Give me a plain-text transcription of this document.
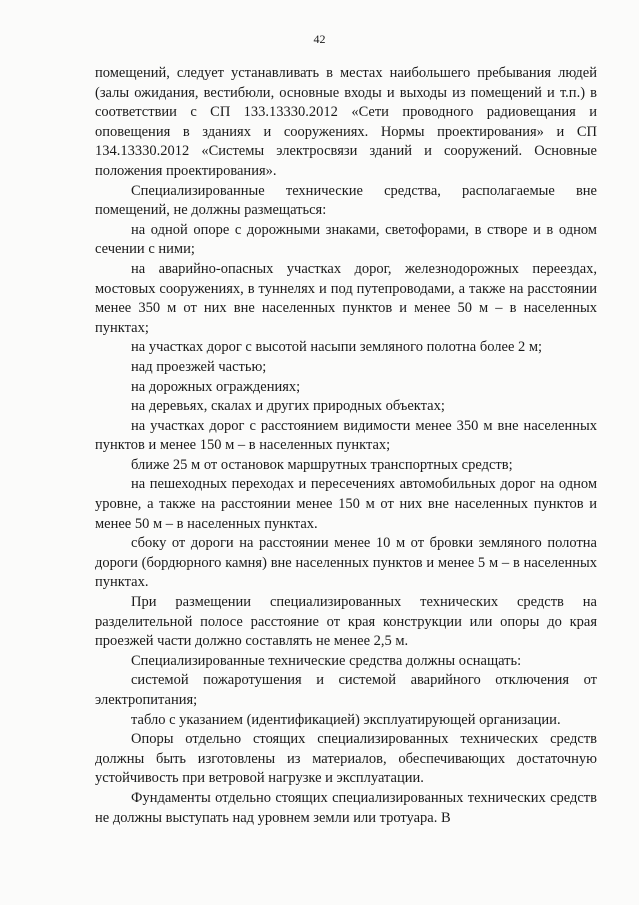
42

помещений, следует устанавливать в местах наибольшего пребывания людей (залы ожидания, вестибюли, основные входы и выходы из помещений и т.п.) в соответствии с СП 133.13330.2012 «Сети проводного радиовещания и оповещения в зданиях и сооружениях. Нормы проектирования» и СП 134.13330.2012 «Системы электросвязи зданий и сооружений. Основные положения проектирования».

Специализированные технические средства, располагаемые вне помещений, не должны размещаться:

на одной опоре с дорожными знаками, светофорами, в створе и в одном сечении с ними;

на аварийно-опасных участках дорог, железнодорожных переездах, мостовых сооружениях, в туннелях и под путепроводами, а также на расстоянии менее 350 м от них вне населенных пунктов и менее 50 м – в населенных пунктах;

на участках дорог с высотой насыпи земляного полотна более 2 м;

над проезжей частью;

на дорожных ограждениях;

на деревьях, скалах и других природных объектах;

на участках дорог с расстоянием видимости менее 350 м вне населенных пунктов и менее 150 м – в населенных пунктах;

ближе 25 м от остановок маршрутных транспортных средств;

на пешеходных переходах и пересечениях автомобильных дорог на одном уровне, а также на расстоянии менее 150 м от них вне населенных пунктов и менее 50 м – в населенных пунктах.

сбоку от дороги на расстоянии менее 10 м от бровки земляного полотна дороги (бордюрного камня) вне населенных пунктов и менее 5 м – в населенных пунктах.

При размещении специализированных технических средств на разделительной полосе расстояние от края конструкции или опоры до края проезжей части должно составлять не менее 2,5 м.

Специализированные технические средства должны оснащать:

системой пожаротушения и системой аварийного отключения от электропитания;

табло с указанием (идентификацией) эксплуатирующей организации.

Опоры отдельно стоящих специализированных технических средств должны быть изготовлены из материалов, обеспечивающих достаточную устойчивость при ветровой нагрузке и эксплуатации.

Фундаменты отдельно стоящих специализированных технических средств не должны выступать над уровнем земли или тротуара. В
